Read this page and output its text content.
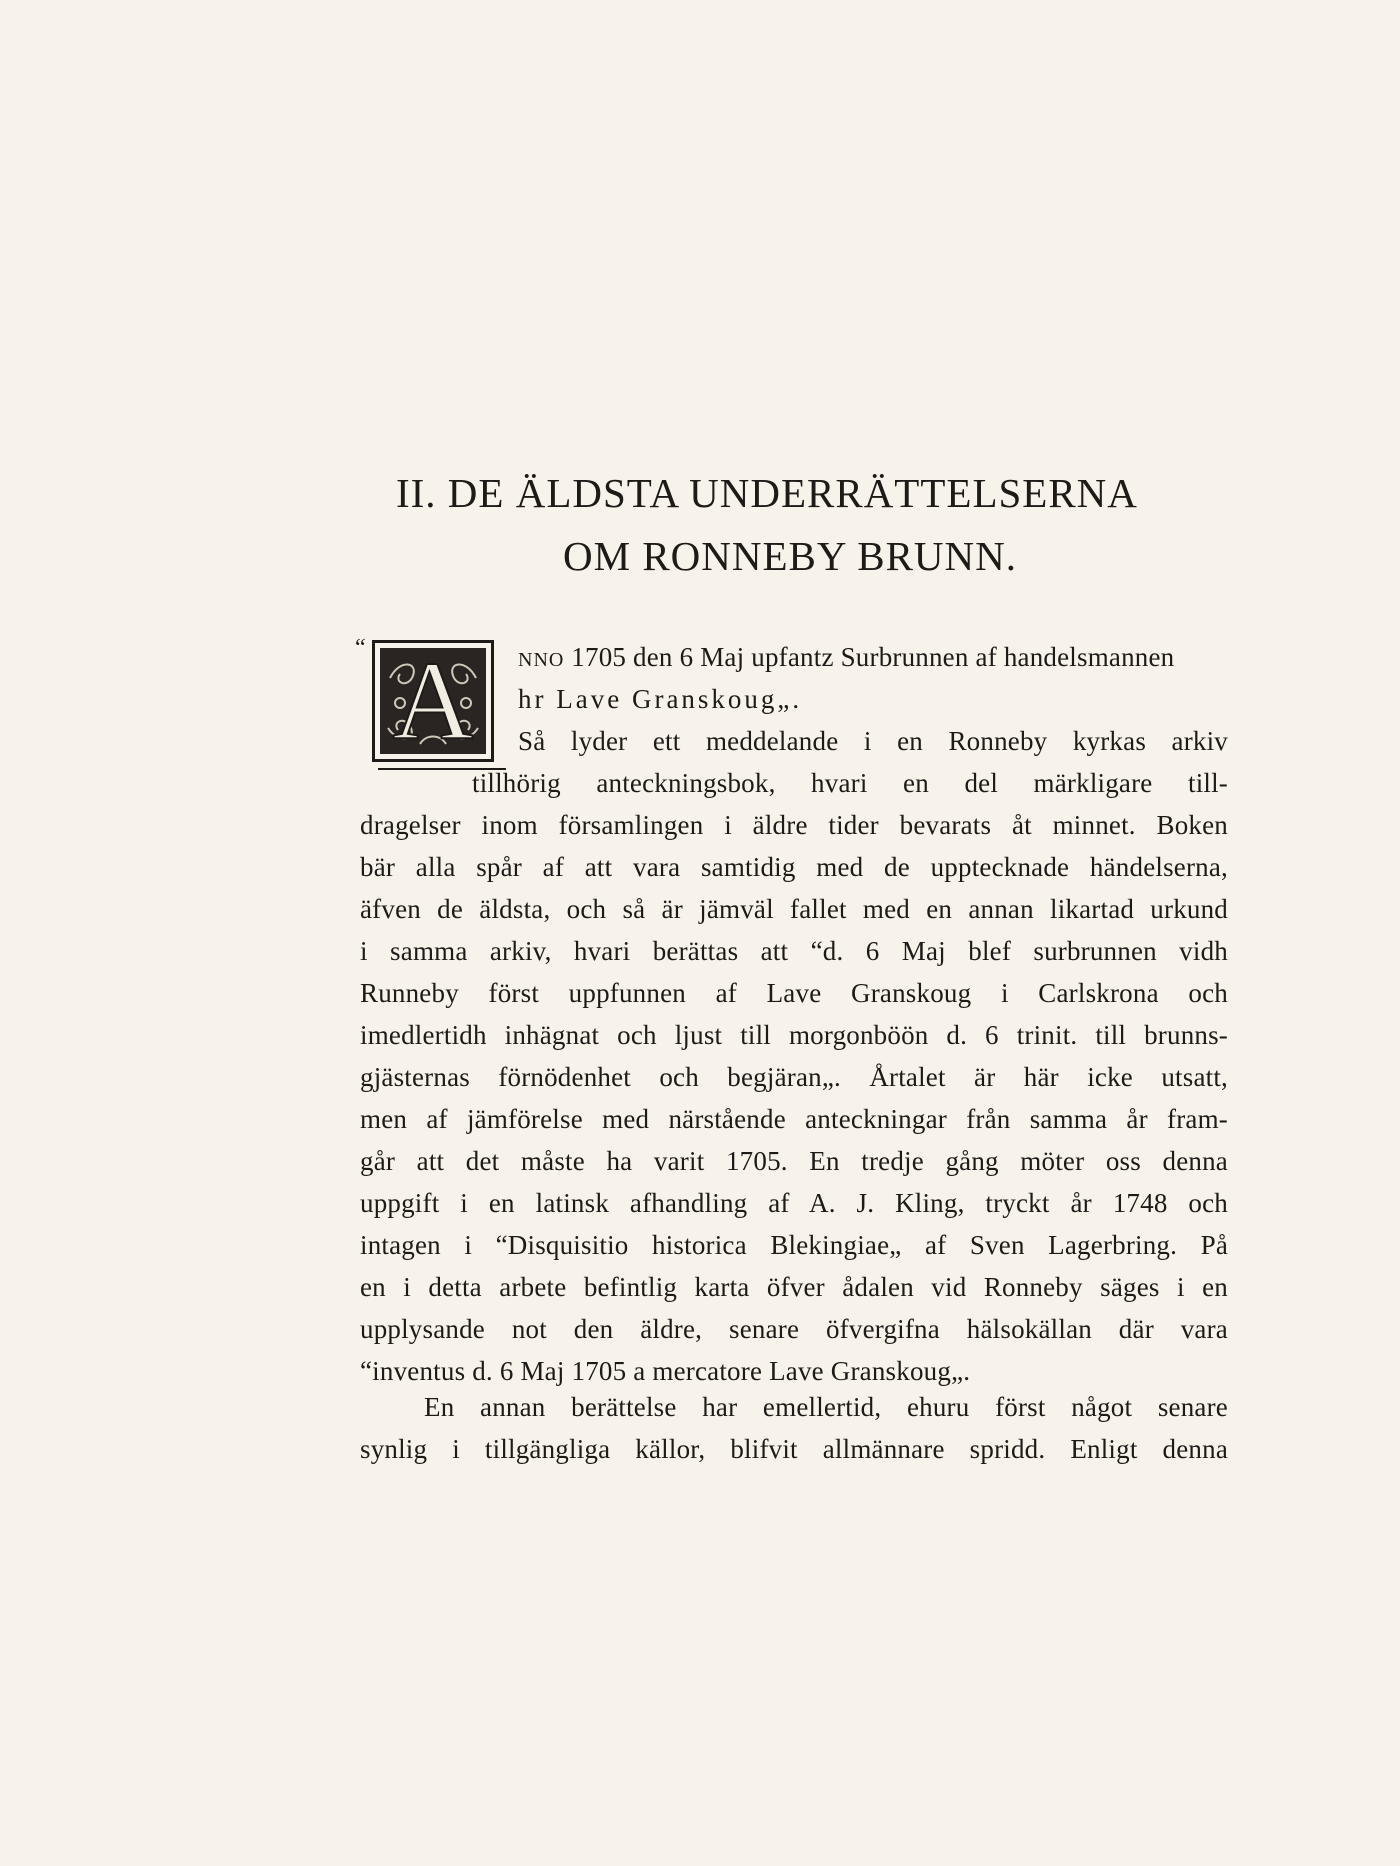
II. DE ÄLDSTA UNDERRÄTTELSERNA
OM RONNEBY BRUNN.
“ A	NNO 1705 den 6 Maj upfantz Surbrunnen af handelsmannen
hr Lave Granskoug„.
Så lyder ett meddelande i en Ronneby kyrkas arkiv
tillhörig anteckningsbok, hvari en del märkligare till-
dragelser inom församlingen i äldre tider bevarats åt minnet. Boken
bär alla spår af att vara samtidig med de upptecknade händelserna,
äfven de äldsta, och så är jämväl fallet med en annan likartad urkund
i samma arkiv, hvari berättas att “d. 6 Maj blef surbrunnen vidh
Runneby först uppfunnen af Lave Granskoug i Carlskrona och
imedlertidh inhägnat och ljust till morgonböön d. 6 trinit. till brunns-
gjästernas förnödenhet och begjäran„. Årtalet är här icke utsatt,
men af jämförelse med närstående anteckningar från samma år fram-
går att det måste ha varit 1705. En tredje gång möter oss denna
uppgift i en latinsk afhandling af A. J. Kling, tryckt år 1748 och
intagen i “Disquisitio historica Blekingiae„ af Sven Lagerbring. På
en i detta arbete befintlig karta öfver ådalen vid Ronneby säges i en
upplysande not den äldre, senare öfvergifna hälsokällan där vara
“inventus d. 6 Maj 1705 a mercatore Lave Granskoug„.
En annan berättelse har emellertid, ehuru först något senare
synlig i tillgängliga källor, blifvit allmännare spridd. Enligt denna
